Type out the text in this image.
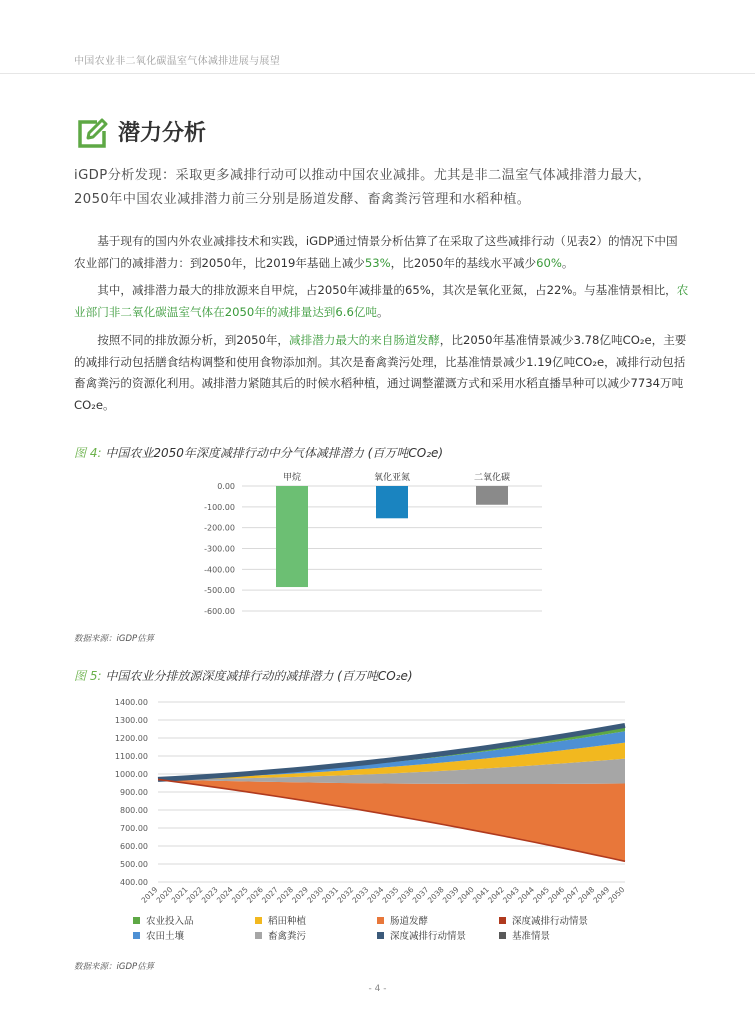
中国农业非二氧化碳温室气体减排进展与展望
潜力分析
iGDP分析发现：采取更多减排行动可以推动中国农业减排。尤其是非二温室气体减排潜力最大，2050年中国农业减排潜力前三分别是肠道发酵、畜禽粪污管理和水稻种植。
基于现有的国内外农业减排技术和实践，iGDP通过情景分析估算了在采取了这些减排行动（见表2）的情况下中国农业部门的减排潜力：到2050年，比2019年基础上减少53%，比2050年的基线水平减少60%。
其中，减排潜力最大的排放源来自甲烷，占2050年减排量的65%，其次是氧化亚氮，占22%。与基准情景相比，农业部门非二氧化碳温室气体在2050年的减排量达到6.6亿吨。
按照不同的排放源分析，到2050年，减排潜力最大的来自肠道发酵，比2050年基准情景减少3.78亿吨CO₂e，主要的减排行动包括膳食结构调整和使用食物添加剂。其次是畜禽粪污处理，比基准情景减少1.19亿吨CO₂e，减排行动包括畜禽粪污的资源化利用。减排潜力紧随其后的时候水稻种植，通过调整灌溉方式和采用水稻直播旱种可以减少7734万吨CO₂e。
图 4: 中国农业2050年深度减排行动中分气体减排潜力 (百万吨CO₂e)
0.00
-100.00
-200.00
-300.00
-400.00
-500.00
-600.00
甲烷	氧化亚氮	二氧化碳
数据来源：iGDP估算
图 5: 中国农业分排放源深度减排行动的减排潜力 (百万吨CO₂e)
1400.00
1300.00
1200.00
1100.00
1000.00
900.00
800.00
700.00
600.00
500.00
400.00
2019
2020
2021
2022
2023
2024
2025
2026
2027
2028
2029
2030
2031
2032
2033
2034
2035
2036
2037
2038
2039
2040
2041
2042
2043
2044
2045
2046
2047
2048
2049
2050
农业投入品	稻田种植	肠道发酵	深度减排行动情景
农田土壤	畜禽粪污	深度减排行动情景	基准情景
数据来源：iGDP估算
- 4 -
